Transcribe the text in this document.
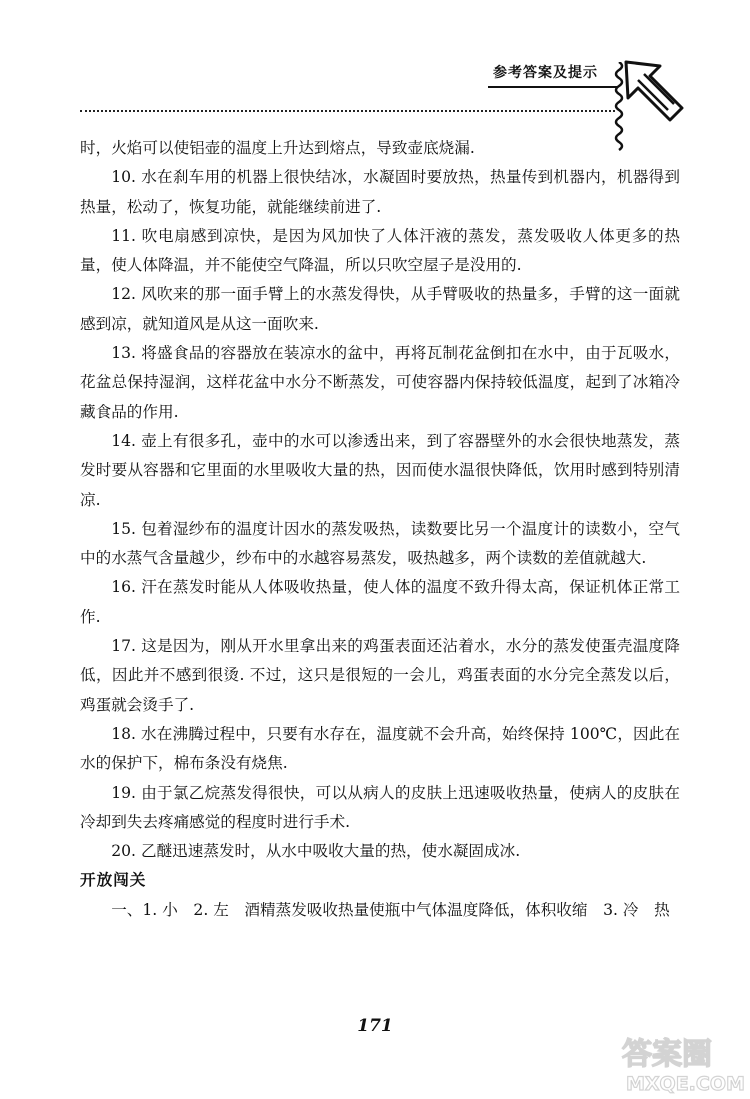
参考答案及提示

时，火焰可以使铝壶的温度上升达到熔点，导致壶底烧漏.

10. 水在刹车用的机器上很快结冰，水凝固时要放热，热量传到机器内，机器得到热量，松动了，恢复功能，就能继续前进了.

11. 吹电扇感到凉快，是因为风加快了人体汗液的蒸发，蒸发吸收人体更多的热量，使人体降温，并不能使空气降温，所以只吹空屋子是没用的.

12. 风吹来的那一面手臂上的水蒸发得快，从手臂吸收的热量多，手臂的这一面就感到凉，就知道风是从这一面吹来.

13. 将盛食品的容器放在装凉水的盆中，再将瓦制花盆倒扣在水中，由于瓦吸水，花盆总保持湿润，这样花盆中水分不断蒸发，可使容器内保持较低温度，起到了冰箱冷藏食品的作用.

14. 壶上有很多孔，壶中的水可以渗透出来，到了容器壁外的水会很快地蒸发，蒸发时要从容器和它里面的水里吸收大量的热，因而使水温很快降低，饮用时感到特别清凉.

15. 包着湿纱布的温度计因水的蒸发吸热，读数要比另一个温度计的读数小，空气中的水蒸气含量越少，纱布中的水越容易蒸发，吸热越多，两个读数的差值就越大.

16. 汗在蒸发时能从人体吸收热量，使人体的温度不致升得太高，保证机体正常工作.

17. 这是因为，刚从开水里拿出来的鸡蛋表面还沾着水，水分的蒸发使蛋壳温度降低，因此并不感到很烫. 不过，这只是很短的一会儿，鸡蛋表面的水分完全蒸发以后，鸡蛋就会烫手了.

18. 水在沸腾过程中，只要有水存在，温度就不会升高，始终保持 100℃，因此在水的保护下，棉布条没有烧焦.

19. 由于氯乙烷蒸发得很快，可以从病人的皮肤上迅速吸收热量，使病人的皮肤在冷却到失去疼痛感觉的程度时进行手术.

20. 乙醚迅速蒸发时，从水中吸收大量的热，使水凝固成冰.

开放闯关

一、1. 小　2. 左　酒精蒸发吸收热量使瓶中气体温度降低，体积收缩　3. 冷　热

171
答案圈
MXQE.COM
